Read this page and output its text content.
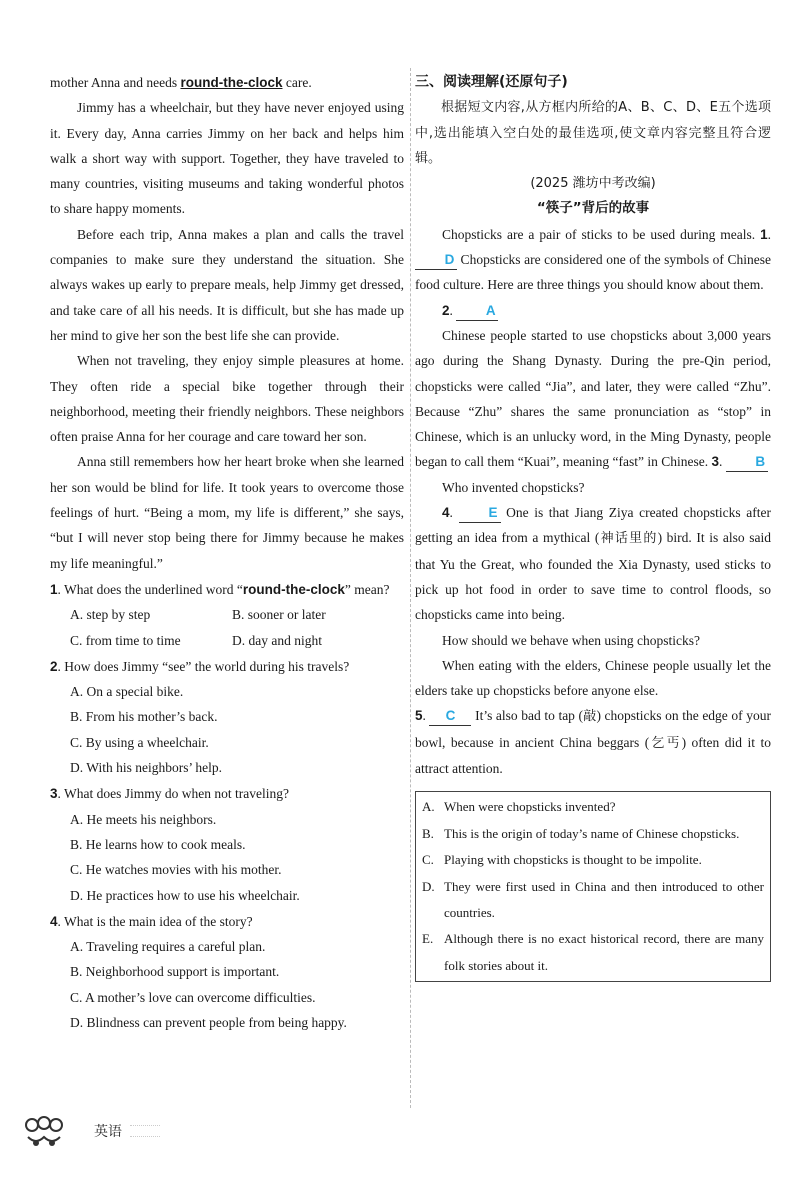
mother Anna and needs round-the-clock care.

Jimmy has a wheelchair, but they have never enjoyed using it. Every day, Anna carries Jimmy on her back and helps him walk a short way with support. Together, they have traveled to many countries, visiting museums and taking wonderful photos to share happy moments.

Before each trip, Anna makes a plan and calls the travel companies to make sure they understand the situation. She always wakes up early to prepare meals, help Jimmy get dressed, and take care of all his needs. It is difficult, but she has made up her mind to give her son the best life she can provide.

When not traveling, they enjoy simple pleasures at home. They often ride a special bike together through their neighborhood, meeting their friendly neighbors. These neighbors often praise Anna for her courage and care toward her son.

Anna still remembers how her heart broke when she learned her son would be blind for life. It took years to overcome those feelings of hurt. “Being a mom, my life is different,” she says, “but I will never stop being there for Jimmy because he makes my life meaningful.”

1. What does the underlined word “round-the-clock” mean?

A. step by step	B. sooner or later
C. from time to time	D. day and night

2. How does Jimmy “see” the world during his travels?

A. On a special bike.
B. From his mother’s back.
C. By using a wheelchair.
D. With his neighbors’ help.

3. What does Jimmy do when not traveling?

A. He meets his neighbors.
B. He learns how to cook meals.
C. He watches movies with his mother.
D. He practices how to use his wheelchair.

4. What is the main idea of the story?

A. Traveling requires a careful plan.
B. Neighborhood support is important.
C. A mother’s love can overcome difficulties.
D. Blindness can prevent people from being happy.

三、阅读理解(还原句子)

根据短文内容,从方框内所给的A、B、C、D、E五个选项中,选出能填入空白处的最佳选项,使文章内容完整且符合逻辑。

(2025 潍坊中考改编)

“筷子”背后的故事

Chopsticks are a pair of sticks to be used during meals. 1. D Chopsticks are considered one of the symbols of Chinese food culture. Here are three things you should know about them.

2. A

Chinese people started to use chopsticks about 3,000 years ago during the Shang Dynasty. During the pre-Qin period, chopsticks were called “Jia”, and later, they were called “Zhu”. Because “Zhu” shares the same pronunciation as “stop” in Chinese, which is an unlucky word, in the Ming Dynasty, people began to call them “Kuai”, meaning “fast” in Chinese. 3. B

Who invented chopsticks?

4. E One is that Jiang Ziya created chopsticks after getting an idea from a mythical (神话里的) bird. It is also said that Yu the Great, who founded the Xia Dynasty, used sticks to pick up hot food in order to save time to control floods, so chopsticks came into being.

How should we behave when using chopsticks?

When eating with the elders, Chinese people usually let the elders take up chopsticks before anyone else.

5. C It’s also bad to tap (敲) chopsticks on the edge of your bowl, because in ancient China beggars (乞丐) often did it to attract attention.

A. When were chopsticks invented?
B. This is the origin of today’s name of Chinese chopsticks.
C. Playing with chopsticks is thought to be impolite.
D. They were first used in China and then introduced to other countries.
E. Although there is no exact historical record, there are many folk stories about it.
英语
